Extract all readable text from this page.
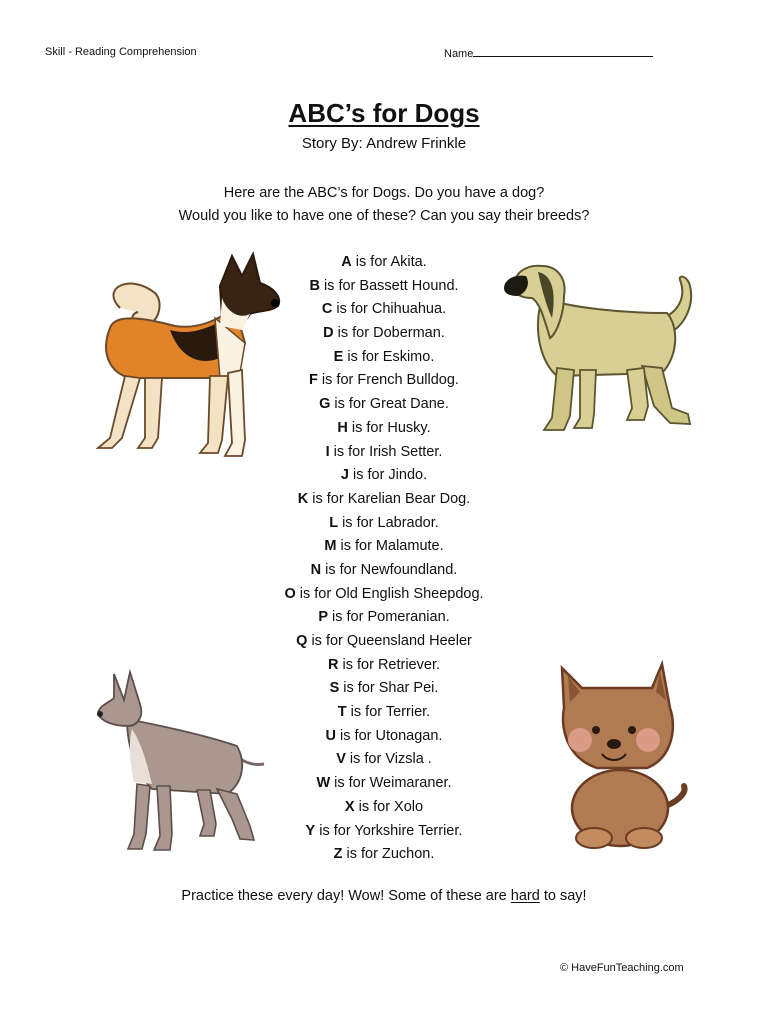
Skill - Reading Comprehension	Name
ABC’s for Dogs
Story By: Andrew Frinkle
Here are the ABC’s for Dogs. Do you have a dog?
Would you like to have one of these? Can you say their breeds?
A is for Akita.
B is for Bassett Hound.
C is for Chihuahua.
D is for Doberman.
E is for Eskimo.
F is for French Bulldog.
G is for Great Dane.
H is for Husky.
I is for Irish Setter.
J is for Jindo.
K is for Karelian Bear Dog.
L is for Labrador.
M is for Malamute.
N is for Newfoundland.
O is for Old English Sheepdog.
P is for Pomeranian.
Q is for Queensland Heeler
R is for Retriever.
S is for Shar Pei.
T is for Terrier.
U is for Utonagan.
V is for Vizsla .
W is for Weimaraner.
X is for Xolo
Y is for Yorkshire Terrier.
Z is for Zuchon.
Practice these every day! Wow! Some of these are hard to say!
© HaveFunTeaching.com
